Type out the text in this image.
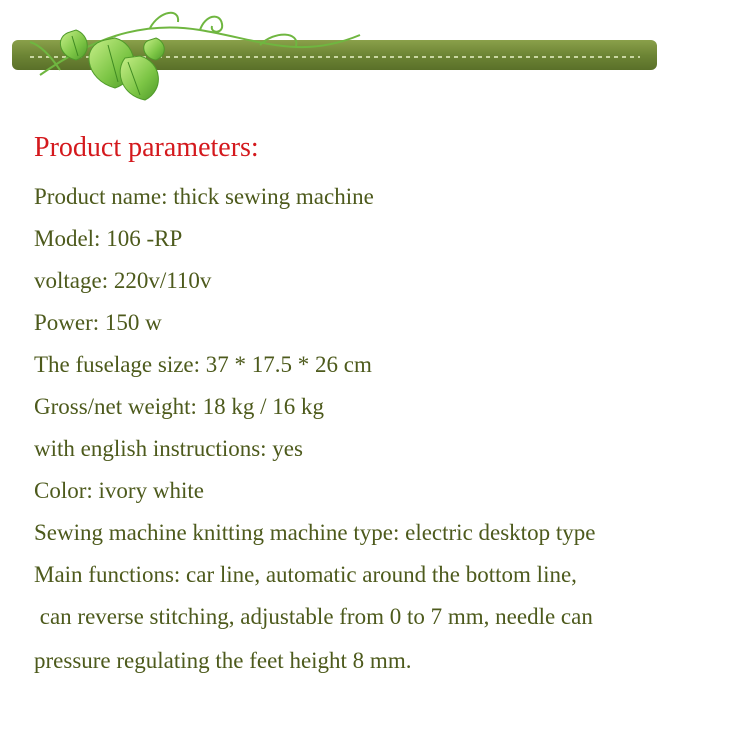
Product parameters:
Product name: thick sewing machine
Model: 106 -RP
voltage: 220v/110v
Power: 150 w
The fuselage size: 37 * 17.5 * 26 cm
Gross/net weight: 18 kg / 16 kg
with english instructions: yes
Color: ivory white
Sewing machine knitting machine type: electric desktop type
Main functions: car line, automatic around the bottom line,
can reverse stitching, adjustable from 0 to 7 mm, needle can
pressure regulating the feet height 8 mm.
